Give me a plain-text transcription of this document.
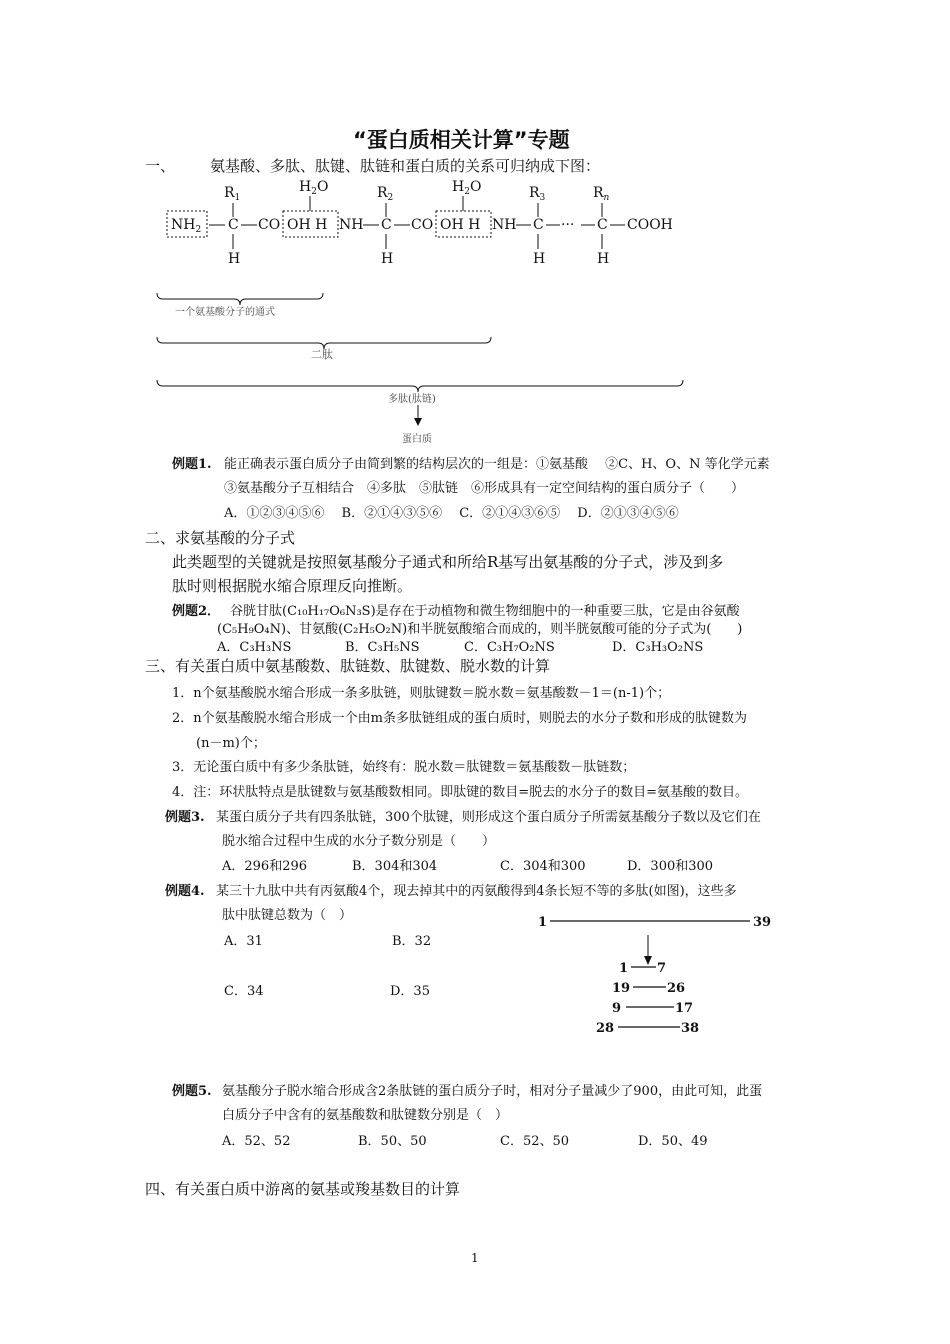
“蛋白质相关计算”专题
一、 氨基酸、多肽、肽键、肽链和蛋白质的关系可归纳成下图：
$R_1$	$R_2$	$R_3$	$R_n$
$H_2O$	$H_2O$
$NH_2$ C CO OH H NH C CO OH H NH C ··· C COOH
H	H	H	H
一个氨基酸分子的通式
二肽
多肽(肽链)
蛋白质
例题1. 能正确表示蛋白质分子由简到繁的结构层次的一组是：①氨基酸　 ②C、H、O、N 等化学元素
③氨基酸分子互相结合　④多肽　⑤肽链　⑥形成具有一定空间结构的蛋白质分子（　　）
A．①②③④⑤⑥　 B．②①④③⑤⑥　 C．②①④③⑥⑤　 D．②①③④⑤⑥
二、求氨基酸的分子式
此类题型的关键就是按照氨基酸分子通式和所给R基写出氨基酸的分子式，涉及到多
肽时则根据脱水缩合原理反向推断。
例题2． 谷胱甘肽(C₁₀H₁₇O₆N₃S)是存在于动植物和微生物细胞中的一种重要三肽，它是由谷氨酸
(C₅H₉O₄N)、甘氨酸(C₂H₅O₂N)和半胱氨酸缩合而成的，则半胱氨酸可能的分子式为(　　)
A．C₃H₃NS	B．C₃H₅NS	C．C₃H₇O₂NS	D．C₃H₃O₂NS
三、有关蛋白质中氨基酸数、肽链数、肽键数、脱水数的计算
1．n个氨基酸脱水缩合形成一条多肽链，则肽键数＝脱水数＝氨基酸数－1＝(n-1)个；
2．n个氨基酸脱水缩合形成一个由m条多肽链组成的蛋白质时，则脱去的水分子数和形成的肽键数为
(n－m)个；
3．无论蛋白质中有多少条肽链，始终有：脱水数＝肽键数＝氨基酸数－肽链数；
4．注：环状肽特点是肽键数与氨基酸数相同。即肽键的数目=脱去的水分子的数目=氨基酸的数目。
例题3. 某蛋白质分子共有四条肽链，300个肽键，则形成这个蛋白质分子所需氨基酸分子数以及它们在
脱水缩合过程中生成的水分子数分别是（　　）
A．296和296	B．304和304	C．304和300	D．300和300
例题4. 某三十九肽中共有丙氨酸4个，现去掉其中的丙氨酸得到4条长短不等的多肽(如图)，这些多
肽中肽键总数为（　）
A．31	B．32
C．34	D．35
1	39
1 7
19	26
9	17
28	38
例题5. 氨基酸分子脱水缩合形成含2条肽链的蛋白质分子时，相对分子量减少了900，由此可知，此蛋
白质分子中含有的氨基酸数和肽键数分别是（　）
A．52、52	B．50、50	C．52、50	D．50、49
四、有关蛋白质中游离的氨基或羧基数目的计算
1
